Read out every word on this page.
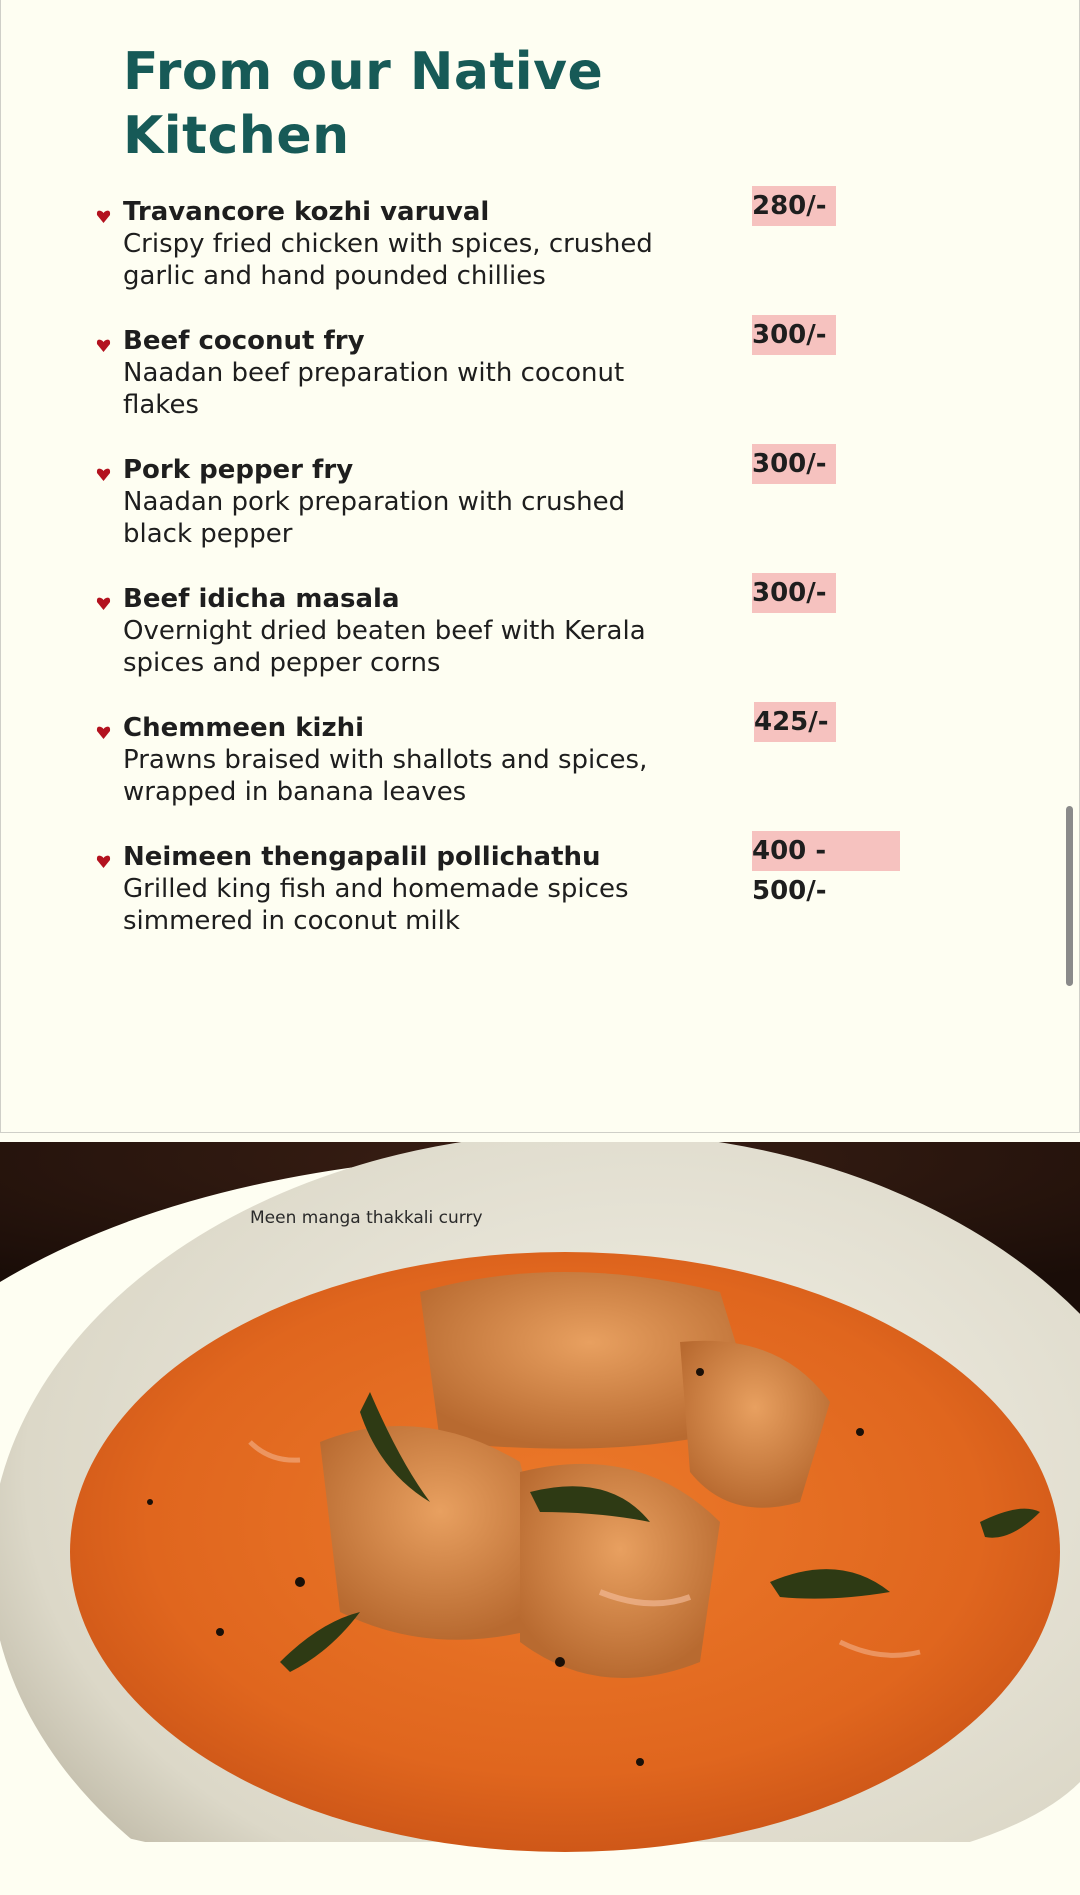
From our Native
Kitchen
Travancore kozhi varuval
Crispy fried chicken with spices, crushed garlic and hand pounded chillies
280/-
Beef coconut fry
Naadan beef preparation with coconut flakes
300/-
Pork pepper fry
Naadan pork preparation with crushed black pepper
300/-
Beef idicha masala
Overnight dried beaten beef with Kerala spices and pepper corns
300/-
Chemmeen kizhi
Prawns braised with shallots and spices, wrapped in banana leaves
425/-
Neimeen thengapalil pollichathu
Grilled king fish and homemade spices simmered in coconut milk
400 - 500/-
Meen manga thakkali curry
